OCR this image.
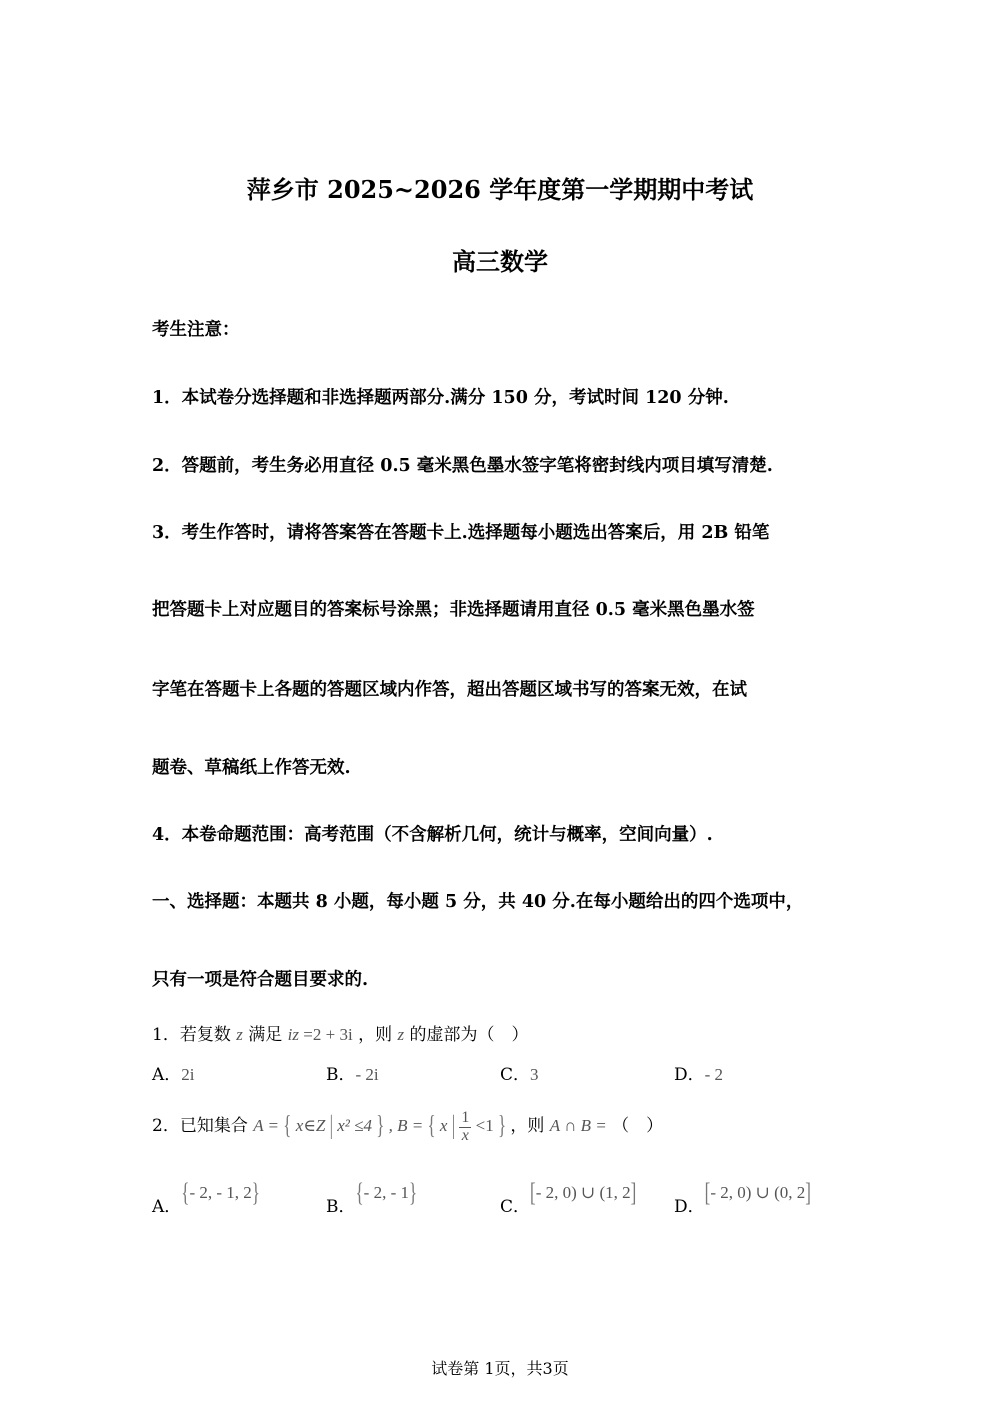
萍乡市 2025~2026 学年度第一学期期中考试
高三数学
考生注意：
1．本试卷分选择题和非选择题两部分.满分 150 分，考试时间 120 分钟.
2．答题前，考生务必用直径 0.5 毫米黑色墨水签字笔将密封线内项目填写清楚.
3．考生作答时，请将答案答在答题卡上.选择题每小题选出答案后，用 2B 铅笔
把答题卡上对应题目的答案标号涂黑；非选择题请用直径 0.5 毫米黑色墨水签
字笔在答题卡上各题的答题区域内作答，超出答题区域书写的答案无效，在试
题卷、草稿纸上作答无效.
4．本卷命题范围：高考范围（不含解析几何，统计与概率，空间向量）.
一、选择题：本题共 8 小题，每小题 5 分，共 40 分.在每小题给出的四个选项中，
只有一项是符合题目要求的.
1．若复数 z 满足 iz =2 + 3i ，则 z 的虚部为（　）
A．2i	B．- 2i	C．3	D．- 2
2．已知集合 A = { x∈Z | x² ≤4 } , B = { x | $\frac{1}{x} <1$ } ，则 A ∩ B = （　）
A．{- 2, - 1, 2}
B．{- 2, - 1}
C．[- 2, 0) ∪ (1, 2]
D．[- 2, 0) ∪ (0, 2]
试卷第 1页，共3页
